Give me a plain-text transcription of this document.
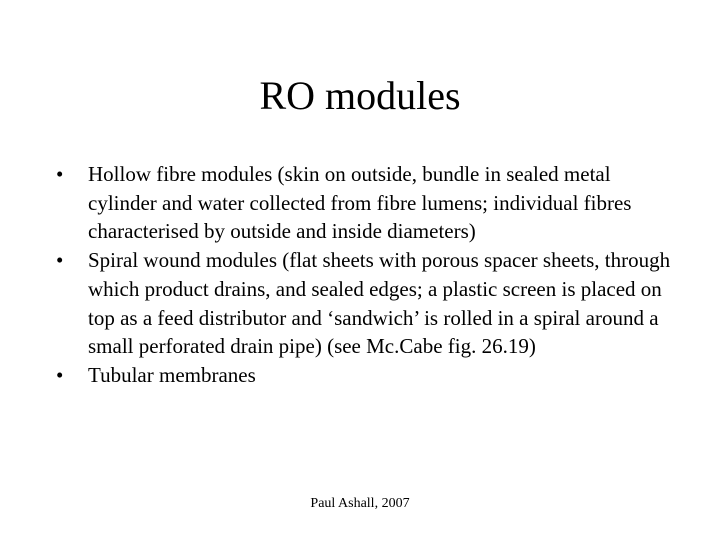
RO modules
•	Hollow fibre modules (skin on outside, bundle in sealed metal cylinder and water collected from fibre lumens; individual fibres characterised by outside and inside diameters)
•	Spiral wound modules (flat sheets with porous spacer sheets, through which product drains, and sealed edges; a plastic screen is placed on top as a feed distributor and ‘sandwich’ is rolled in a spiral around a small perforated drain pipe) (see Mc.Cabe fig. 26.19)
•	Tubular membranes
Paul Ashall, 2007
